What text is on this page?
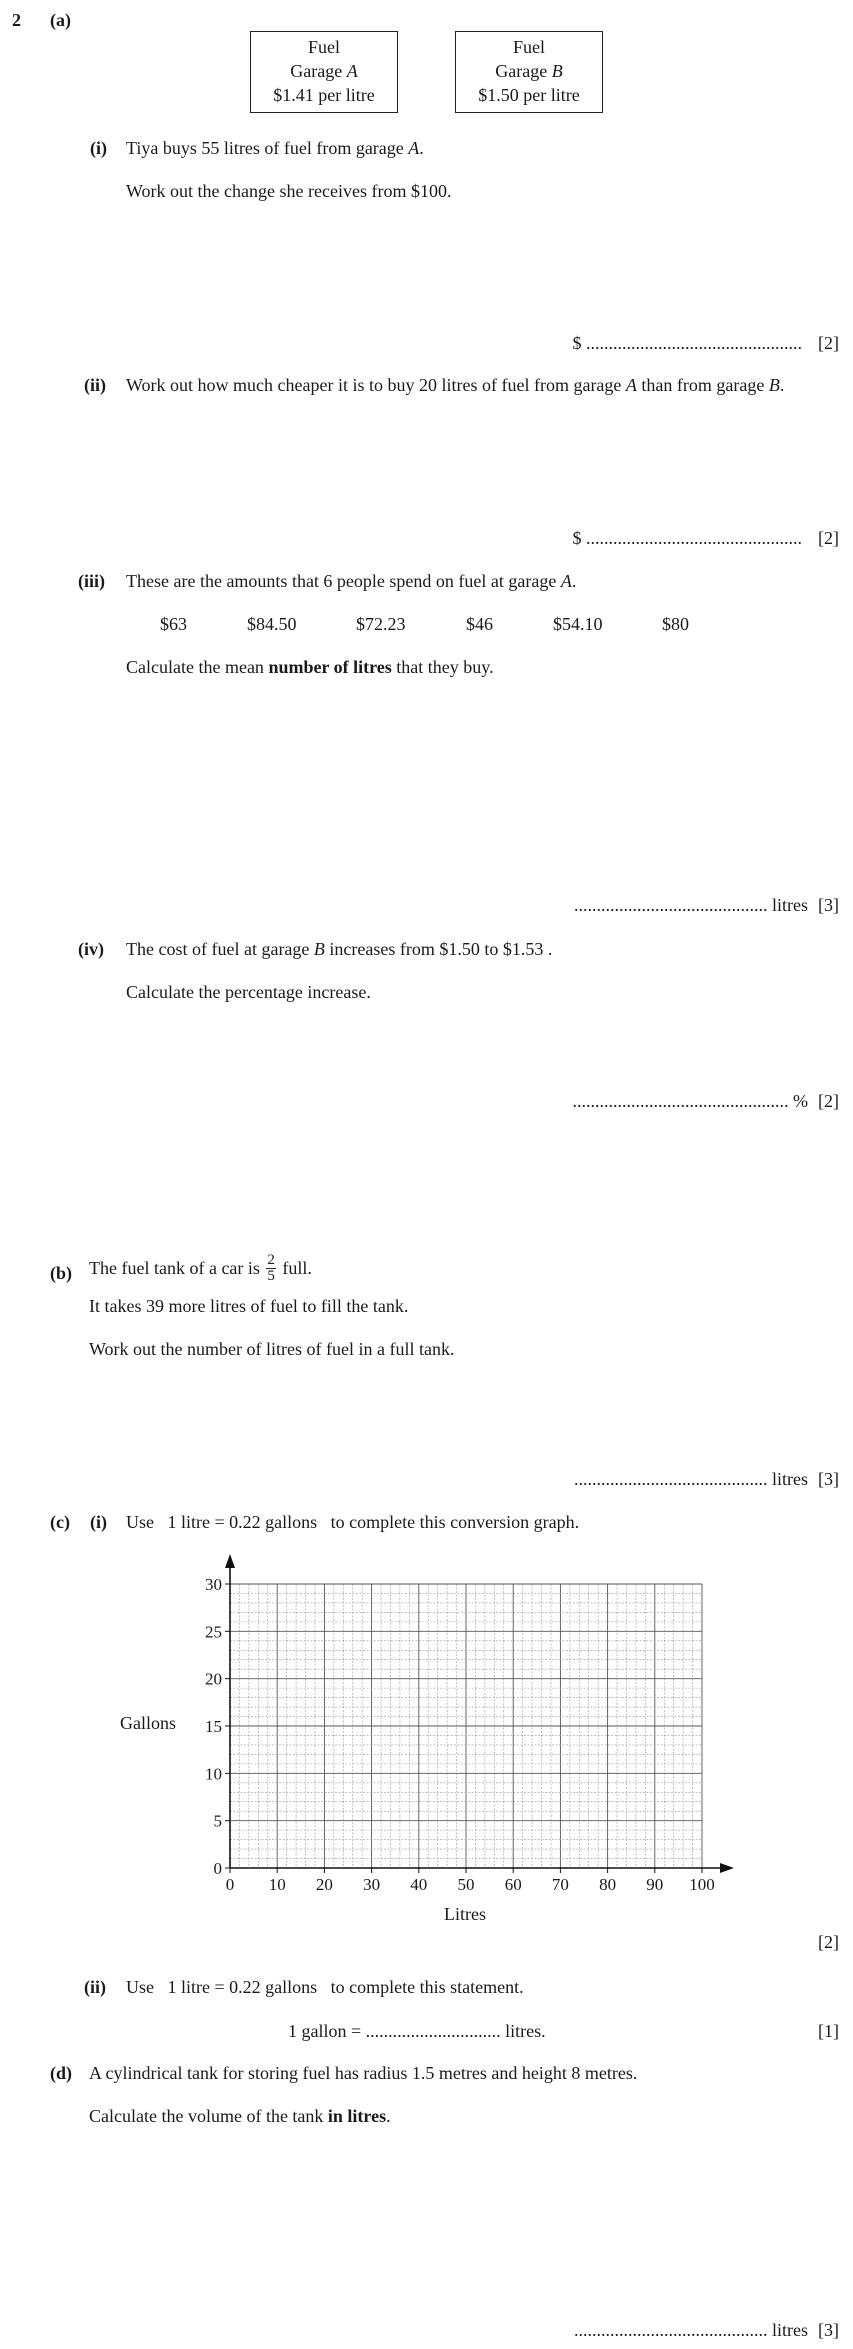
2 (a)
Fuel
Garage A
$1.41 per litre
Fuel
Garage B
$1.50 per litre
(i) Tiya buys 55 litres of fuel from garage A.
Work out the change she receives from $100.
$ ................................................ [2]
(ii) Work out how much cheaper it is to buy 20 litres of fuel from garage A than from garage B.
$ ................................................ [2]
(iii) These are the amounts that 6 people spend on fuel at garage A.
$63	$84.50	$72.23	$46	$54.10	$80
Calculate the mean number of litres that they buy.
........................................... litres [3]
(iv) The cost of fuel at garage B increases from $1.50 to $1.53 .
Calculate the percentage increase.
................................................ % [2]
(b) The fuel tank of a car is $\frac{2}{5}$ full.
It takes 39 more litres of fuel to fill the tank.
Work out the number of litres of fuel in a full tank.
........................................... litres [3]
(c) (i) Use   1 litre = 0.22 gallons   to complete this conversion graph.
0 10 20 30 40 50 60 70 80 90 100
0
5
10
15
20
25
30
Gallons
Litres
[2]
(ii) Use   1 litre = 0.22 gallons   to complete this statement.
1 gallon = .............................. litres.	[1]
(d) A cylindrical tank for storing fuel has radius 1.5 metres and height 8 metres.
Calculate the volume of the tank in litres.
........................................... litres [3]
